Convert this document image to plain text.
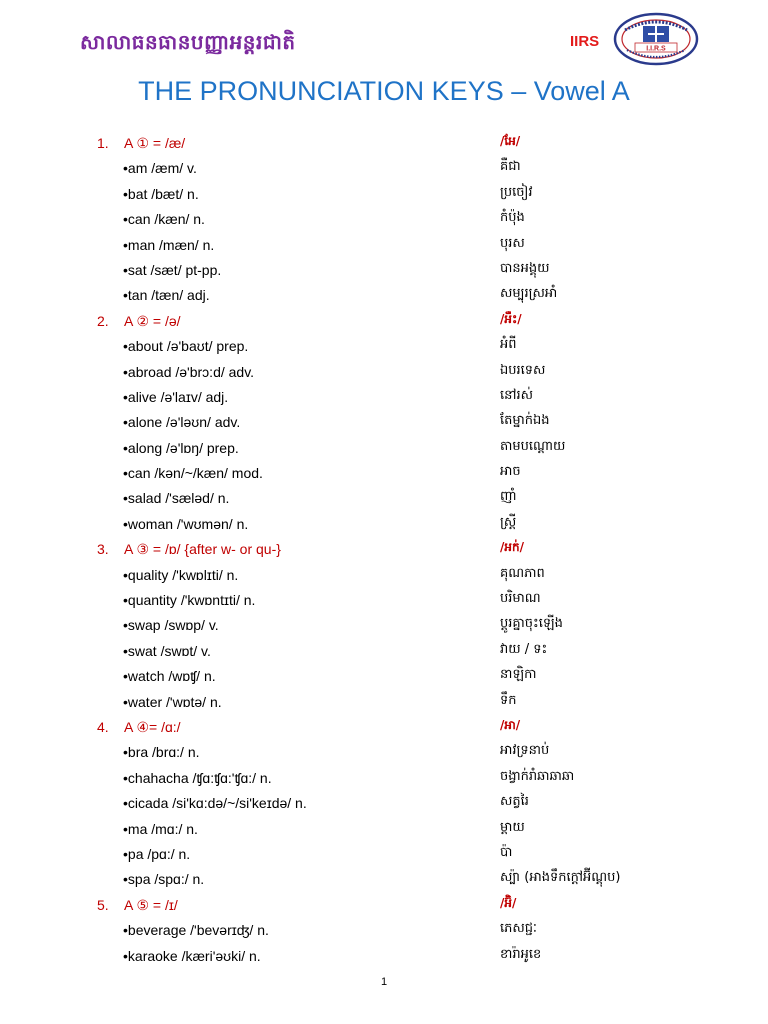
សាលាធនធានបញ្ញាអន្តរជាតិ	IIRS	I.I.R.S
THE PRONUNCIATION KEYS – Vowel A
1. A ① = /æ/	/អែ/
•am /æm/ v.	គឺជា
•bat /bæt/ n.	ប្រចៀវ
•can /kæn/ n.	កំប៉ុង
•man /mæn/ n.	បុរស
•sat /sæt/ pt-pp.	បានអង្គុយ
•tan /tæn/ adj.	សម្បុរស្រអាំ
2. A ② = /ə/	/អឺះ/
•about /ə'baʊt/ prep.	អំពី
•abroad /ə'brɔ:d/ adv.	ឯបរទេស
•alive /ə'laɪv/ adj.	នៅរស់
•alone /ə'ləʊn/ adv.	តែម្នាក់ឯង
•along /ə'lɒŋ/ prep.	តាមបណ្តោយ
•can /kən/~/kæn/ mod.	អាច
•salad /'sæləd/ n.	ញាំ
•woman /'wʊmən/ n.	ស្ត្រី
3. A ③ = /ɒ/ {after w- or qu-}	/អក់/
•quality /'kwɒlɪti/ n.	គុណភាព
•quantity /'kwɒntɪti/ n.	បរិមាណ
•swap /swɒp/ v.	ប្តូរគ្នាចុះឡើង
•swat /swɒt/ v.	វាយ / ទះ
•watch /wɒʧ/ n.	នាឡិកា
•water /'wɒtə/ n.	ទឹក
4. A ④= /ɑ:/	/អា/
•bra /brɑ:/ n.	អាវទ្រនាប់
•chahacha /ʧɑ:ʧɑ:'ʧɑ:/ n.	ចង្វាក់រាំឆាឆាឆា
•cicada /si'kɑ:də/~/si'keɪdə/ n.	សត្វរៃ
•ma /mɑ:/ n.	ម្ដាយ
•pa /pɑ:/ n.	ប៉ា
•spa /spɑ:/ n.	ស្ប៉ា (អាងទឹកក្ដៅអ៊ីណ្ដុប)
5. A ⑤ = /ɪ/	/អ៊ិ/
•beverage /'bevərɪʤ/ n.	ភេសជ្ជៈ
•karaoke /kæri'əʊki/ n.	ខារ៉ាអូខេ
1
